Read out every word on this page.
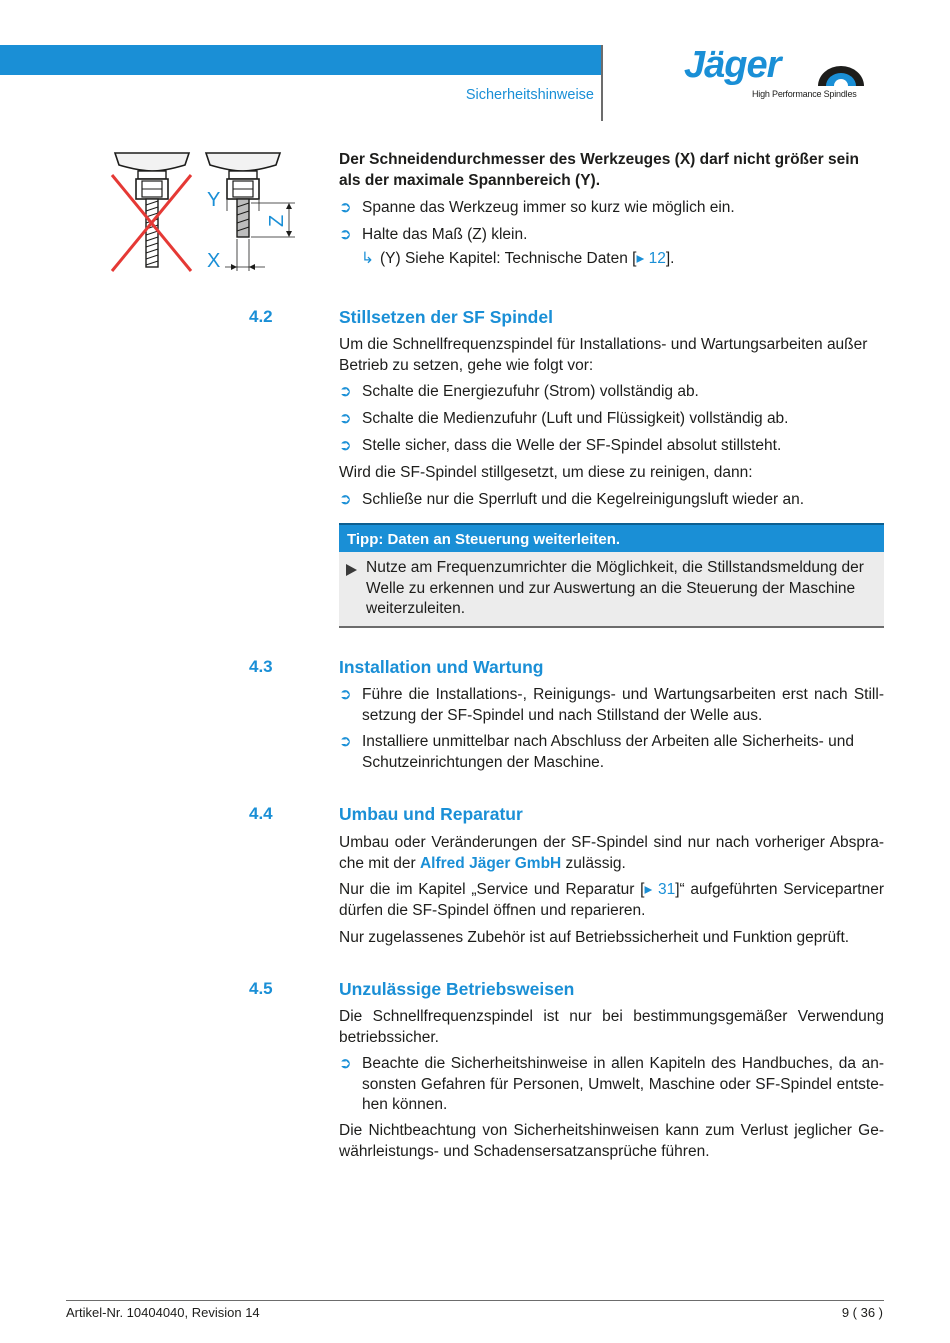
Sicherheitshinweise
Jäger
High Performance Spindles
Y
X
Z

Der Schneidendurchmesser des Werkzeuges (X) darf nicht größer sein als der maximale Spannbereich (Y).

➲ Spanne das Werkzeug immer so kurz wie möglich ein.
➲ Halte das Maß (Z) klein.
↳ (Y) Siehe Kapitel: Technische Daten [▸ 12].
4.2	Stillsetzen der SF Spindel

Um die Schnellfrequenzspindel für Installations- und Wartungsarbeiten außer Betrieb zu setzen, gehe wie folgt vor:

➲ Schalte die Energiezufuhr (Strom) vollständig ab.
➲ Schalte die Medienzufuhr (Luft und Flüssigkeit) vollständig ab.
➲ Stelle sicher, dass die Welle der SF-Spindel absolut stillsteht.

Wird die SF-Spindel stillgesetzt, um diese zu reinigen, dann:

➲ Schließe nur die Sperrluft und die Kegelreinigungsluft wieder an.
Tipp: Daten an Steuerung weiterleiten.
Nutze am Frequenzumrichter die Möglichkeit, die Stillstandsmeldung der Welle zu erkennen und zur Auswertung an die Steuerung der Maschine weiterzuleiten.
4.3	Installation und Wartung
➲ Führe die Installations-, Reinigungs- und Wartungsarbeiten erst nach Stillsetzung der SF-Spindel und nach Stillstand der Welle aus.
➲ Installiere unmittelbar nach Abschluss der Arbeiten alle Sicherheits- und Schutzeinrichtungen der Maschine.
4.4	Umbau und Reparatur

Umbau oder Veränderungen der SF-Spindel sind nur nach vorheriger Absprache mit der Alfred Jäger GmbH zulässig.

Nur die im Kapitel „Service und Reparatur [▸ 31]“ aufgeführten Servicepartner dürfen die SF-Spindel öffnen und reparieren.

Nur zugelassenes Zubehör ist auf Betriebssicherheit und Funktion geprüft.

4.5	Unzulässige Betriebsweisen

Die Schnellfrequenzspindel ist nur bei bestimmungsgemäßer Verwendung betriebssicher.

➲ Beachte die Sicherheitshinweise in allen Kapiteln des Handbuches, da ansonsten Gefahren für Personen, Umwelt, Maschine oder SF-Spindel entstehen können.

Die Nichtbeachtung von Sicherheitshinweisen kann zum Verlust jeglicher Gewährleistungs- und Schadensersatzansprüche führen.

Artikel-Nr. 10404040, Revision 14	9 ( 36 )
